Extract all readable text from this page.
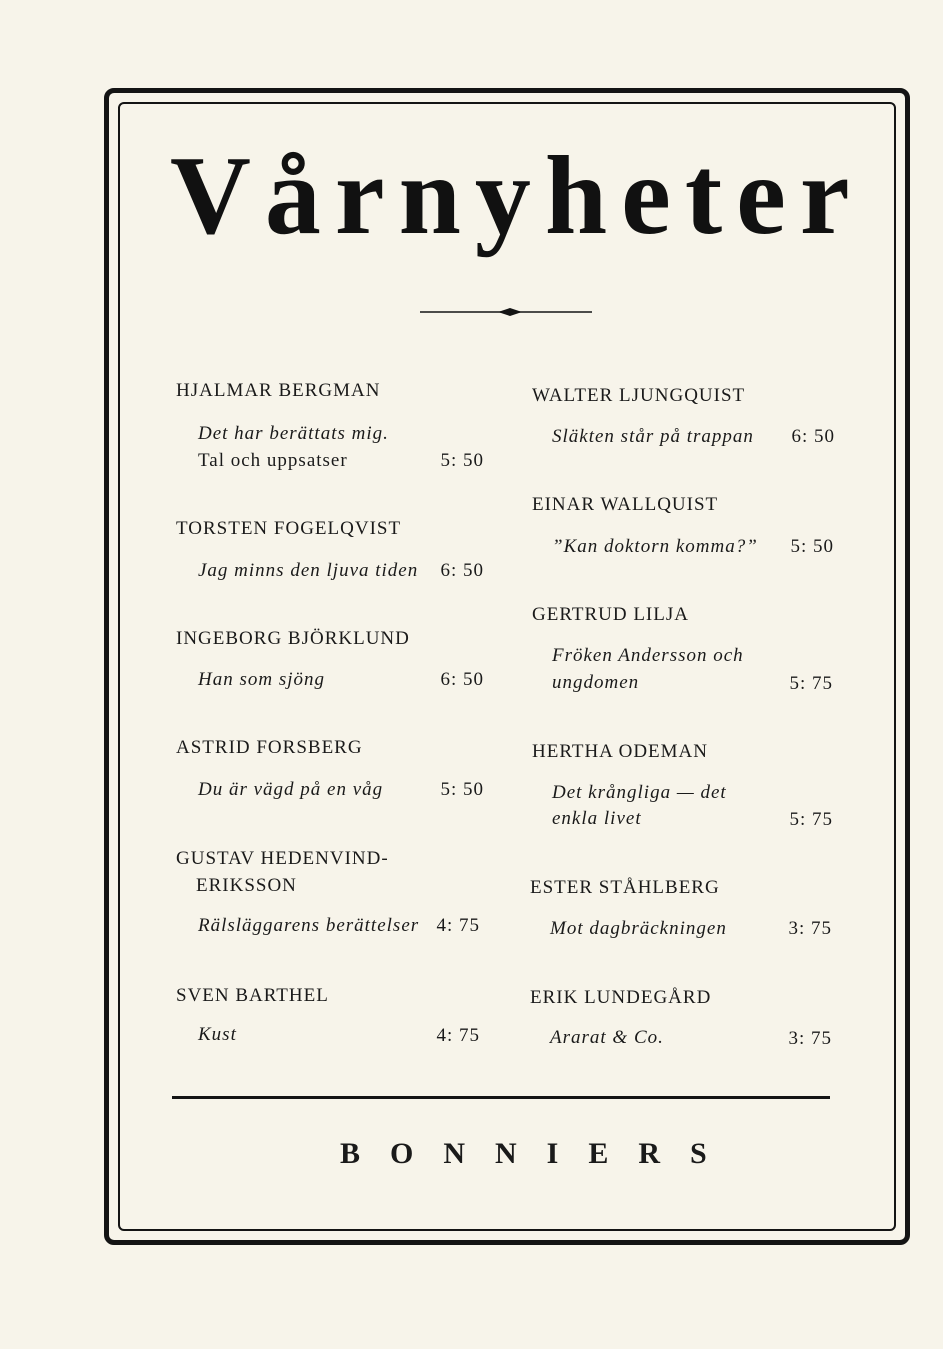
Vårnyheter
HJALMAR BERGMAN
Det har berättats mig.
Tal och uppsatser	5: 50
TORSTEN FOGELQVIST
Jag minns den ljuva tiden	6: 50
INGEBORG BJÖRKLUND
Han som sjöng	6: 50
ASTRID FORSBERG
Du är vägd på en våg	5: 50
GUSTAV HEDENVIND-
ERIKSSON
Rälsläggarens berättelser 4: 75
SVEN BARTHEL
Kust	4: 75
WALTER LJUNGQUIST
Släkten står på trappan	6: 50
EINAR WALLQUIST
”Kan doktorn komma?”	5: 50
GERTRUD LILJA
Fröken Andersson och
ungdomen	5: 75
HERTHA ODEMAN
Det krångliga — det
enkla livet	5: 75
ESTER STÅHLBERG
Mot dagbräckningen	3: 75
ERIK LUNDEGÅRD
Ararat & Co.	3: 75
BONNIERS
